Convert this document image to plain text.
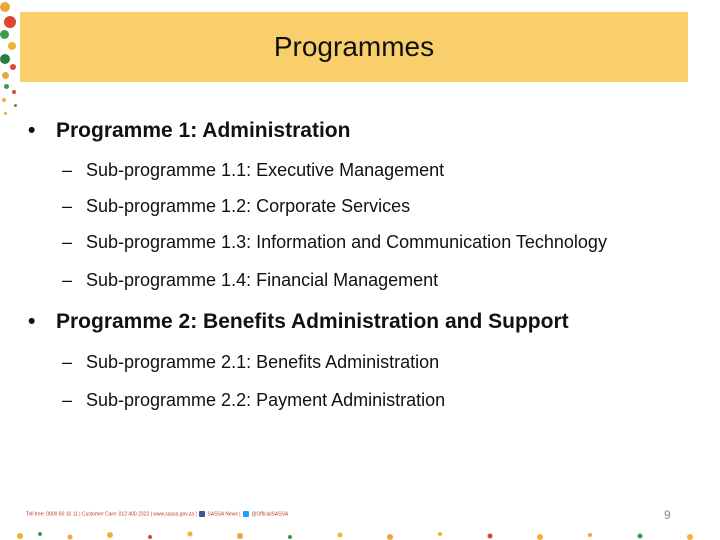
Programmes
• Programme 1: Administration
– Sub-programme 1.1: Executive Management
– Sub-programme 1.2: Corporate Services
– Sub-programme 1.3: Information and Communication Technology
– Sub-programme 1.4: Financial Management
• Programme 2: Benefits Administration and Support
– Sub-programme 2.1: Benefits Administration
– Sub-programme 2.2: Payment Administration
Toll free: 0800 60 10 11 | Customer Care: 012 400 2322 | www.sassa.gov.za | SASSA News | @OfficialSASSA	9
